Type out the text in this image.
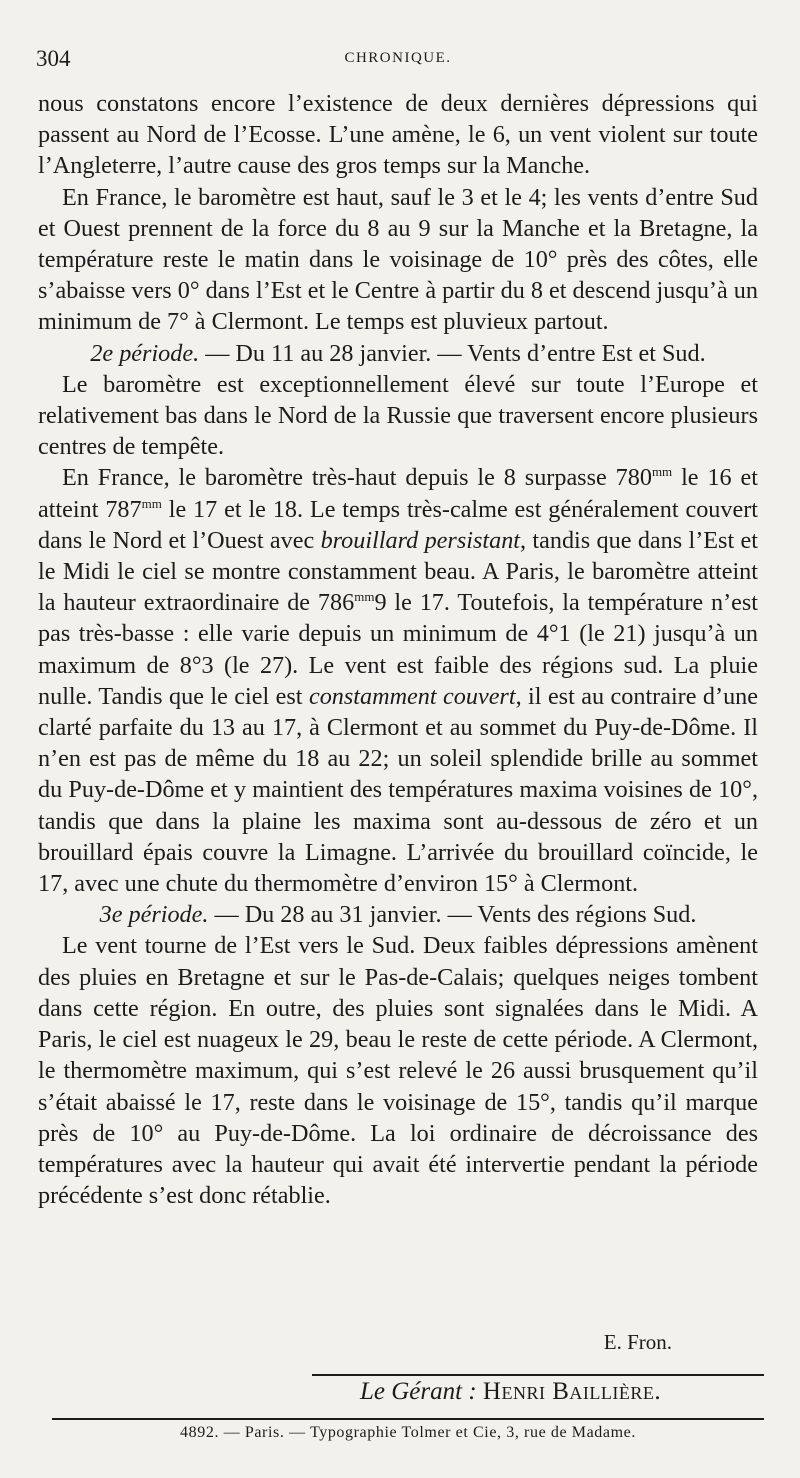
304	CHRONIQUE.

nous constatons encore l’existence de deux dernières dépressions qui passent au Nord de l’Ecosse. L’une amène, le 6, un vent violent sur toute l’Angleterre, l’autre cause des gros temps sur la Manche.

En France, le baromètre est haut, sauf le 3 et le 4; les vents d’entre Sud et Ouest prennent de la force du 8 au 9 sur la Manche et la Bretagne, la température reste le matin dans le voisinage de 10° près des côtes, elle s’abaisse vers 0° dans l’Est et le Centre à partir du 8 et descend jusqu’à un minimum de 7° à Clermont. Le temps est pluvieux partout.

2e période. — Du 11 au 28 janvier. — Vents d’entre Est et Sud.

Le baromètre est exceptionnellement élevé sur toute l’Europe et relativement bas dans le Nord de la Russie que traversent encore plusieurs centres de tempête.

En France, le baromètre très-haut depuis le 8 surpasse $780^{mm}$ le 16 et atteint $787^{mm}$ le 17 et le 18. Le temps très-calme est généralement couvert dans le Nord et l’Ouest avec brouillard persistant, tandis que dans l’Est et le Midi le ciel se montre constamment beau. A Paris, le baromètre atteint la hauteur extraordinaire de $786^{mm}9$ le 17. Toutefois, la température n’est pas très-basse : elle varie depuis un minimum de 4°1 (le 21) jusqu’à un maximum de 8°3 (le 27). Le vent est faible des régions sud. La pluie nulle. Tandis que le ciel est constamment couvert, il est au contraire d’une clarté parfaite du 13 au 17, à Clermont et au sommet du Puy-de-Dôme. Il n’en est pas de même du 18 au 22; un soleil splendide brille au sommet du Puy-de-Dôme et y maintient des températures maxima voisines de 10°, tandis que dans la plaine les maxima sont au-dessous de zéro et un brouillard épais couvre la Limagne. L’arrivée du brouillard coïncide, le 17, avec une chute du thermomètre d’environ 15° à Clermont.

3e période. — Du 28 au 31 janvier. — Vents des régions Sud.

Le vent tourne de l’Est vers le Sud. Deux faibles dépressions amènent des pluies en Bretagne et sur le Pas-de-Calais; quelques neiges tombent dans cette région. En outre, des pluies sont signalées dans le Midi. A Paris, le ciel est nuageux le 29, beau le reste de cette période. A Clermont, le thermomètre maximum, qui s’est relevé le 26 aussi brusquement qu’il s’était abaissé le 17, reste dans le voisinage de 15°, tandis qu’il marque près de 10° au Puy-de-Dôme. La loi ordinaire de décroissance des températures avec la hauteur qui avait été intervertie pendant la période précédente s’est donc rétablie.

E. Fron.
Le Gérant : Henri Baillière.
4892. — Paris. — Typographie Tolmer et Cie, 3, rue de Madame.
